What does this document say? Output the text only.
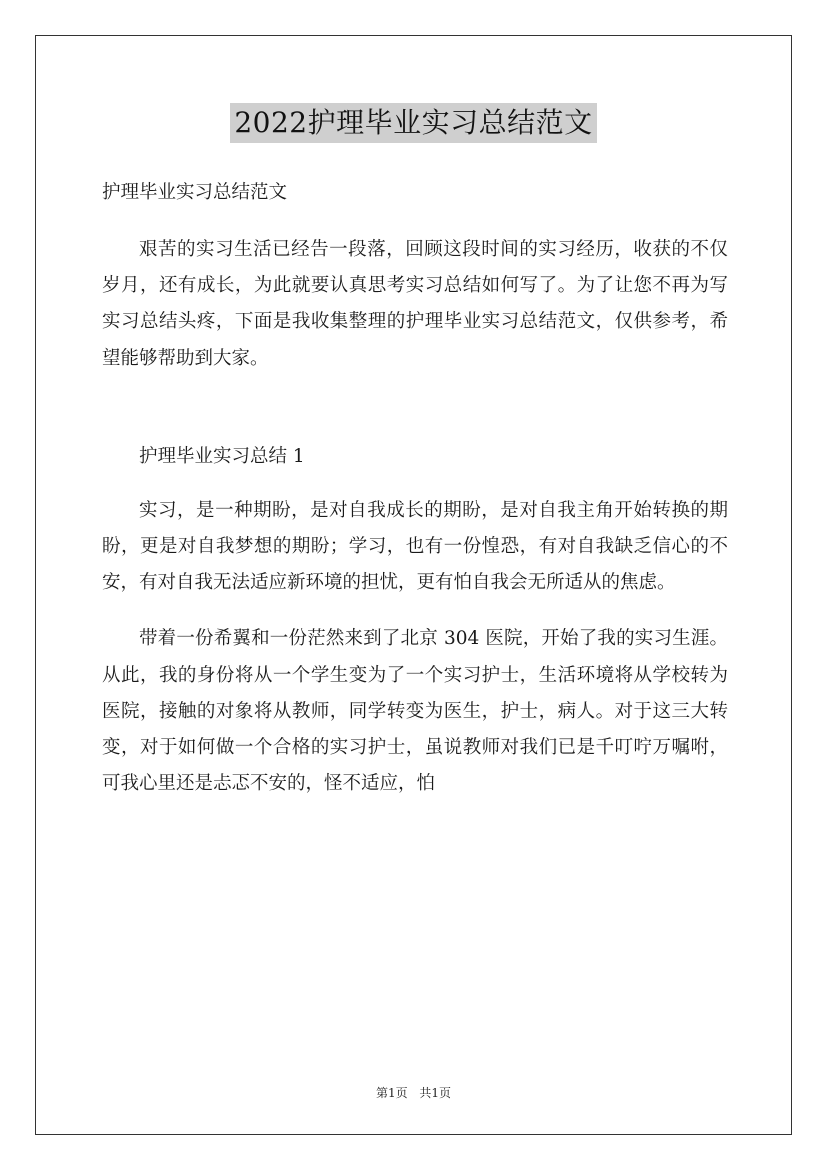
2022护理毕业实习总结范文

护理毕业实习总结范文

艰苦的实习生活已经告一段落，回顾这段时间的实习经历，收获的不仅岁月，还有成长，为此就要认真思考实习总结如何写了。为了让您不再为写实习总结头疼，下面是我收集整理的护理毕业实习总结范文，仅供参考，希望能够帮助到大家。

护理毕业实习总结 1

实习，是一种期盼，是对自我成长的期盼，是对自我主角开始转换的期盼，更是对自我梦想的期盼；学习，也有一份惶恐，有对自我缺乏信心的不安，有对自我无法适应新环境的担忧，更有怕自我会无所适从的焦虑。

带着一份希翼和一份茫然来到了北京 304 医院，开始了我的实习生涯。从此，我的身份将从一个学生变为了一个实习护士，生活环境将从学校转为医院，接触的对象将从教师，同学转变为医生，护士，病人。对于这三大转变，对于如何做一个合格的实习护士，虽说教师对我们已是千叮咛万嘱咐，可我心里还是忐忑不安的，怪不适应，怕

第1页 共1页
